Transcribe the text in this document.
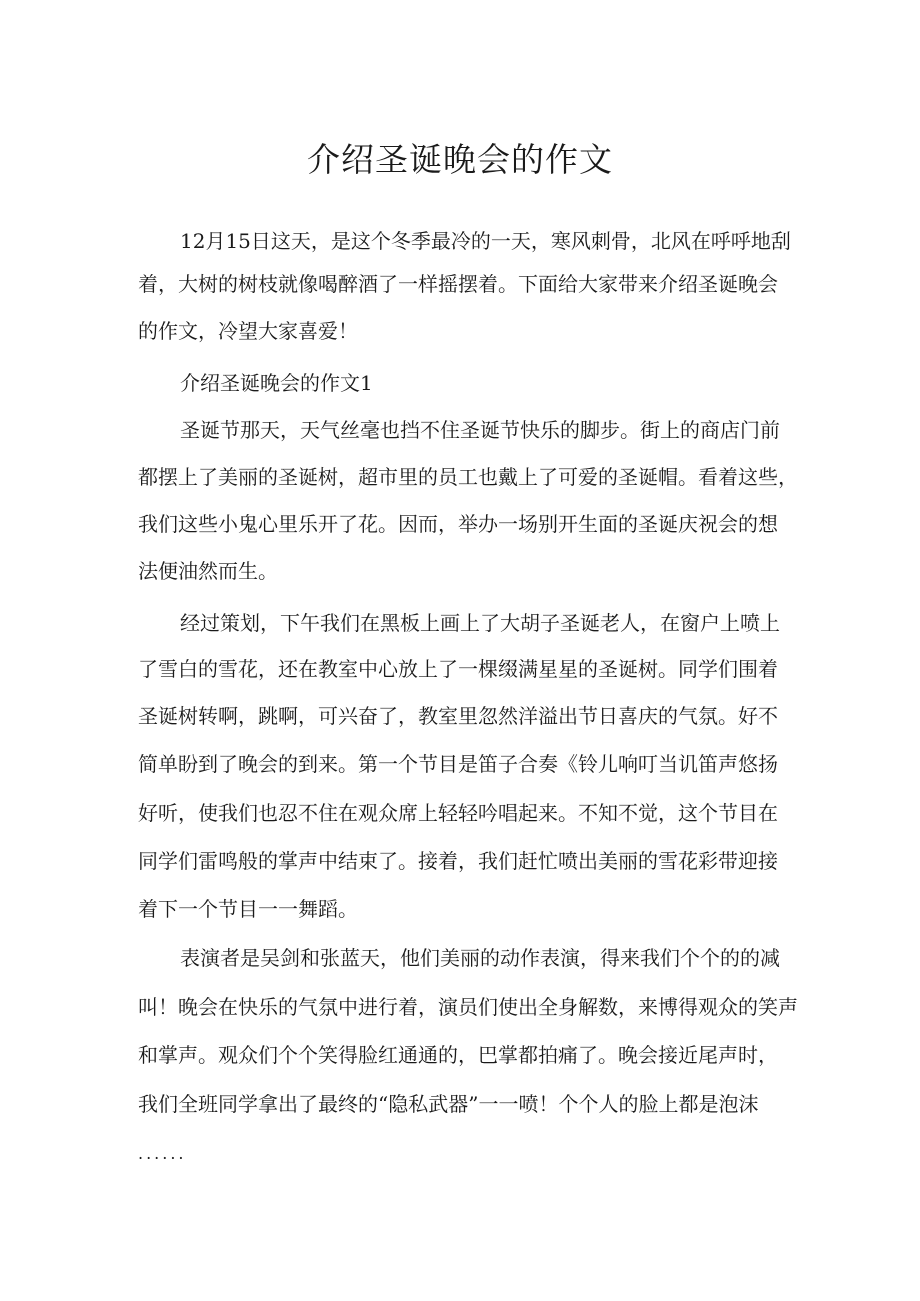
介绍圣诞晚会的作文

12月15日这天，是这个冬季最冷的一天，寒风刺骨，北风在呼呼地刮

着，大树的树枝就像喝醉酒了一样摇摆着。下面给大家带来介绍圣诞晚会

的作文，冷望大家喜爱！

介绍圣诞晚会的作文1

圣诞节那天，天气丝毫也挡不住圣诞节快乐的脚步。街上的商店门前

都摆上了美丽的圣诞树，超市里的员工也戴上了可爱的圣诞帽。看着这些，

我们这些小鬼心里乐开了花。因而，举办一场别开生面的圣诞庆祝会的想

法便油然而生。

经过策划，下午我们在黑板上画上了大胡子圣诞老人，在窗户上喷上

了雪白的雪花，还在教室中心放上了一棵缀满星星的圣诞树。同学们围着

圣诞树转啊，跳啊，可兴奋了，教室里忽然洋溢出节日喜庆的气氛。好不

简单盼到了晚会的到来。第一个节目是笛子合奏《铃儿响叮当讥笛声悠扬

好听，使我们也忍不住在观众席上轻轻吟唱起来。不知不觉，这个节目在

同学们雷鸣般的掌声中结束了。接着，我们赶忙喷出美丽的雪花彩带迎接

着下一个节目一一舞蹈。

表演者是吴剑和张蓝天，他们美丽的动作表演，得来我们个个的的减

叫！晚会在快乐的气氛中进行着，演员们使出全身解数，来博得观众的笑声

和掌声。观众们个个笑得脸红通通的，巴掌都拍痛了。晚会接近尾声时，

我们全班同学拿出了最终的“隐私武器”一一喷！个个人的脸上都是泡沫

......
